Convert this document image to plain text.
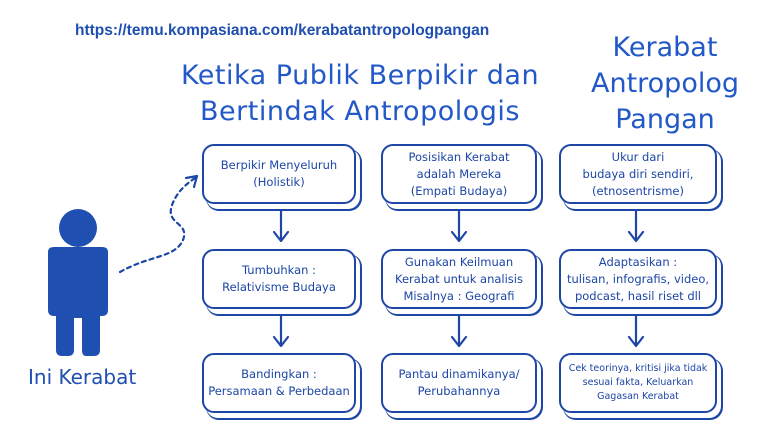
https://temu.kompasiana.com/kerabatantropologpangan
Ketika Publik Berpikir dan
Bertindak Antropologis
Kerabat
Antropolog
Pangan
Ini Kerabat
Berpikir Menyeluruh
(Holistik)
Tumbuhkan :
Relativisme Budaya
Bandingkan :
Persamaan & Perbedaan
Posisikan Kerabat
adalah Mereka
(Empati Budaya)
Gunakan Keilmuan
Kerabat untuk analisis
Misalnya : Geografi
Pantau dinamikanya/
Perubahannya
Ukur dari
budaya diri sendiri,
(etnosentrisme)
Adaptasikan :
tulisan, infografis, video,
podcast, hasil riset dll
Cek teorinya, kritisi jika tidak
sesuai fakta, Keluarkan
Gagasan Kerabat
